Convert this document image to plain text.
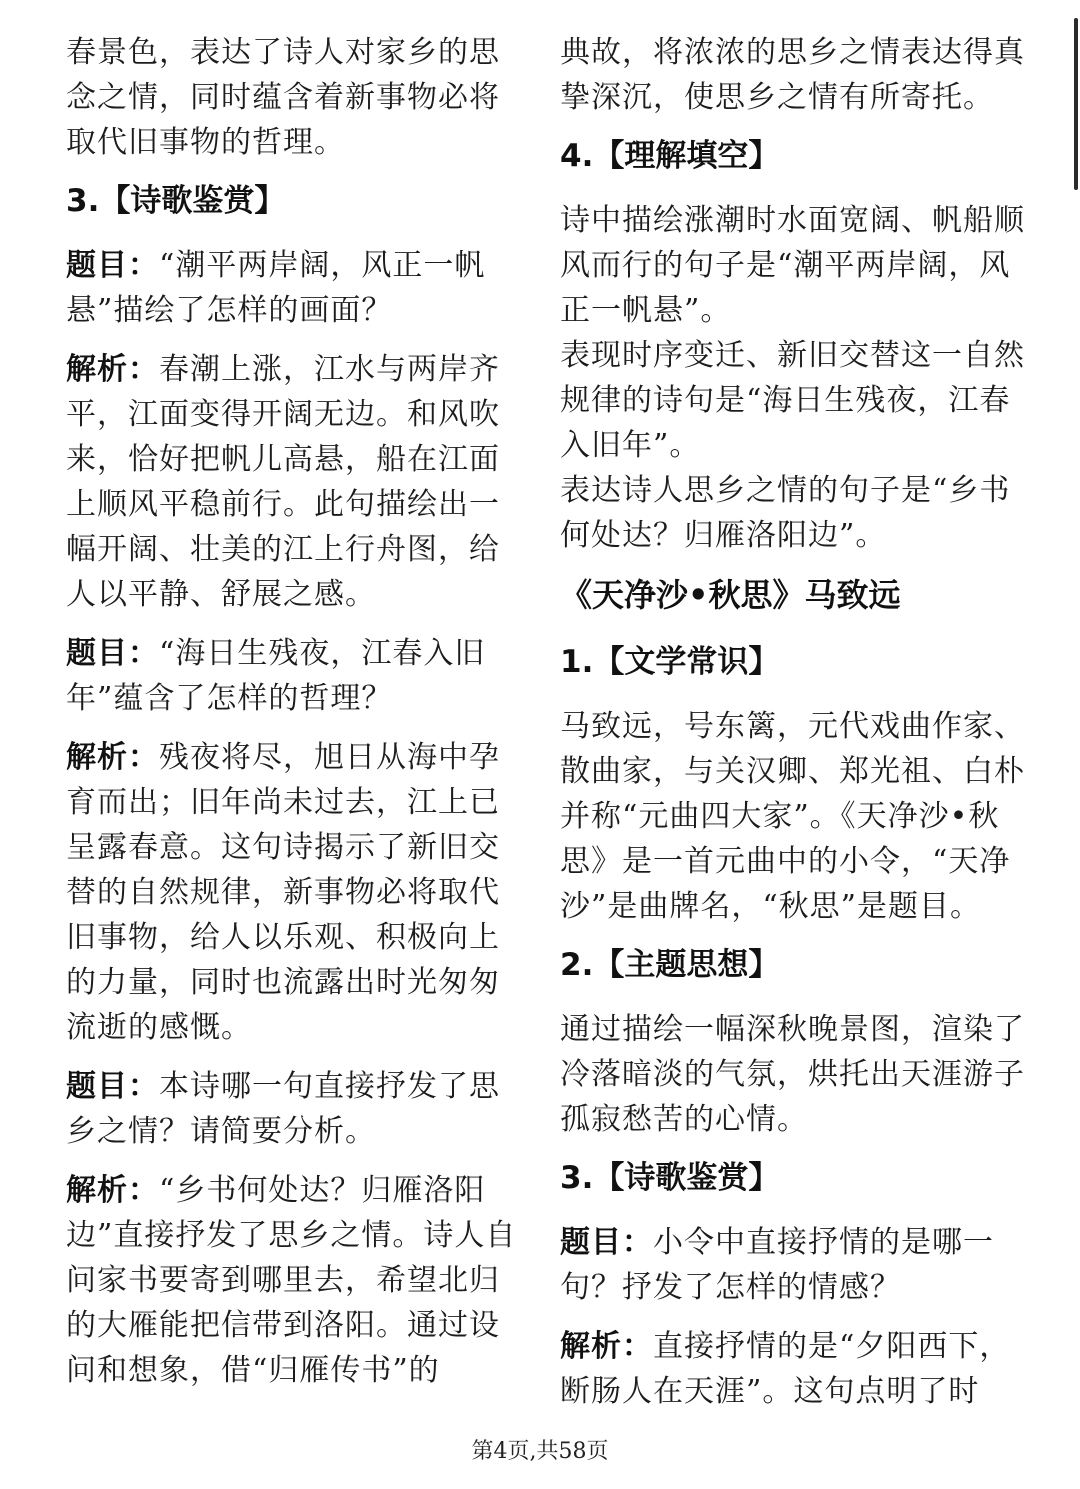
春景色，表达了诗人对家乡的思念之情，同时蕴含着新事物必将取代旧事物的哲理。

3.【诗歌鉴赏】

题目：“潮平两岸阔，风正一帆悬”描绘了怎样的画面？

解析：春潮上涨，江水与两岸齐平，江面变得开阔无边。和风吹来，恰好把帆儿高悬，船在江面上顺风平稳前行。此句描绘出一幅开阔、壮美的江上行舟图，给人以平静、舒展之感。

题目：“海日生残夜，江春入旧年”蕴含了怎样的哲理？

解析：残夜将尽，旭日从海中孕育而出；旧年尚未过去，江上已呈露春意。这句诗揭示了新旧交替的自然规律，新事物必将取代旧事物，给人以乐观、积极向上的力量，同时也流露出时光匆匆流逝的感慨。

题目：本诗哪一句直接抒发了思乡之情？请简要分析。

解析：“乡书何处达？归雁洛阳边”直接抒发了思乡之情。诗人自问家书要寄到哪里去，希望北归的大雁能把信带到洛阳。通过设问和想象，借“归雁传书”的

典故，将浓浓的思乡之情表达得真挚深沉，使思乡之情有所寄托。

4.【理解填空】

诗中描绘涨潮时水面宽阔、帆船顺风而行的句子是“潮平两岸阔，风正一帆悬”。

表现时序变迁、新旧交替这一自然规律的诗句是“海日生残夜，江春入旧年”。

表达诗人思乡之情的句子是“乡书何处达？归雁洛阳边”。

《天净沙•秋思》马致远
1.【文学常识】

马致远，号东篱，元代戏曲作家、散曲家，与关汉卿、郑光祖、白朴并称“元曲四大家”。《天净沙•秋思》是一首元曲中的小令，“天净沙”是曲牌名，“秋思”是题目。

2.【主题思想】

通过描绘一幅深秋晚景图，渲染了冷落暗淡的气氛，烘托出天涯游子孤寂愁苦的心情。

3.【诗歌鉴赏】

题目：小令中直接抒情的是哪一句？抒发了怎样的情感？

解析：直接抒情的是“夕阳西下，断肠人在天涯”。这句点明了时

第4页,共58页
